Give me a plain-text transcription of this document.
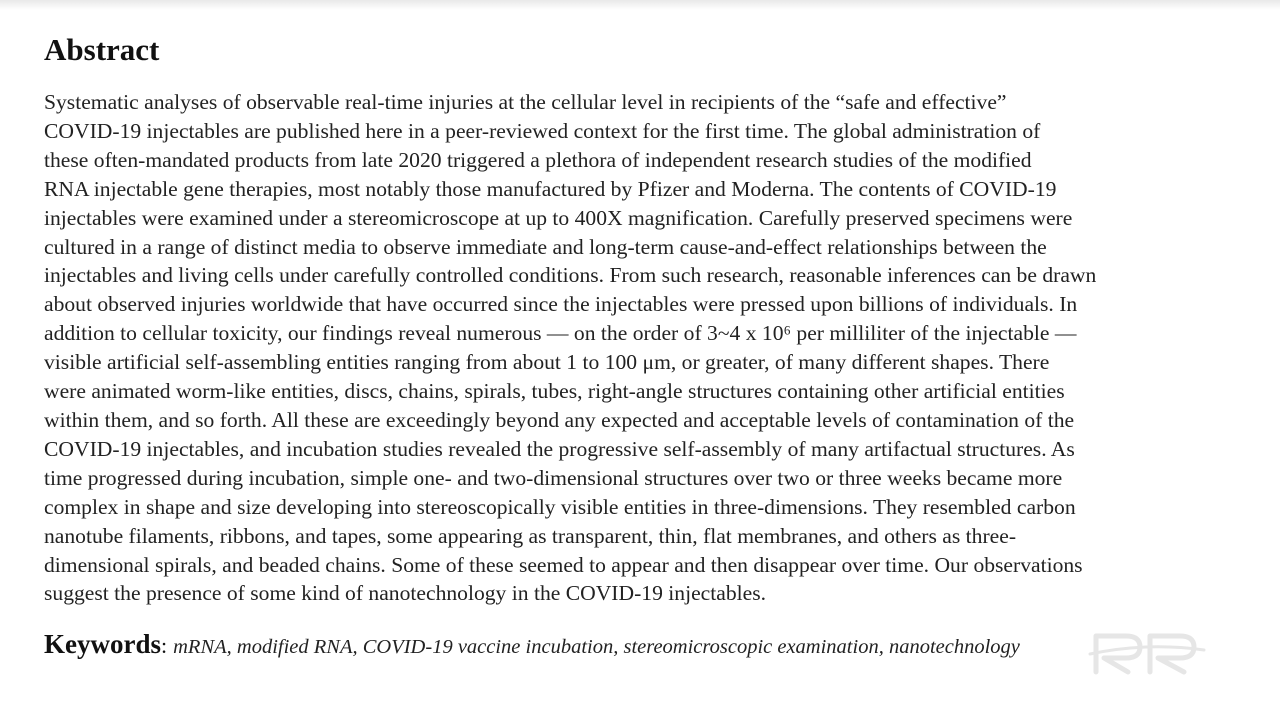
Abstract
Systematic analyses of observable real-time injuries at the cellular level in recipients of the “safe and effective”
COVID-19 injectables are published here in a peer-reviewed context for the first time. The global administration of
these often-mandated products from late 2020 triggered a plethora of independent research studies of the modified
RNA injectable gene therapies, most notably those manufactured by Pfizer and Moderna. The contents of COVID-19
injectables were examined under a stereomicroscope at up to 400X magnification. Carefully preserved specimens were
cultured in a range of distinct media to observe immediate and long-term cause-and-effect relationships between the
injectables and living cells under carefully controlled conditions. From such research, reasonable inferences can be drawn
about observed injuries worldwide that have occurred since the injectables were pressed upon billions of individuals. In
addition to cellular toxicity, our findings reveal numerous — on the order of 3~4 x 10⁶ per milliliter of the injectable —
visible artificial self-assembling entities ranging from about 1 to 100 μm, or greater, of many different shapes. There
were animated worm-like entities, discs, chains, spirals, tubes, right-angle structures containing other artificial entities
within them, and so forth. All these are exceedingly beyond any expected and acceptable levels of contamination of the
COVID-19 injectables, and incubation studies revealed the progressive self-assembly of many artifactual structures. As
time progressed during incubation, simple one- and two-dimensional structures over two or three weeks became more
complex in shape and size developing into stereoscopically visible entities in three-dimensions. They resembled carbon
nanotube filaments, ribbons, and tapes, some appearing as transparent, thin, flat membranes, and others as three-
dimensional spirals, and beaded chains. Some of these seemed to appear and then disappear over time. Our observations
suggest the presence of some kind of nanotechnology in the COVID-19 injectables.
Keywords: mRNA, modified RNA, COVID-19 vaccine incubation, stereomicroscopic examination, nanotechnology
